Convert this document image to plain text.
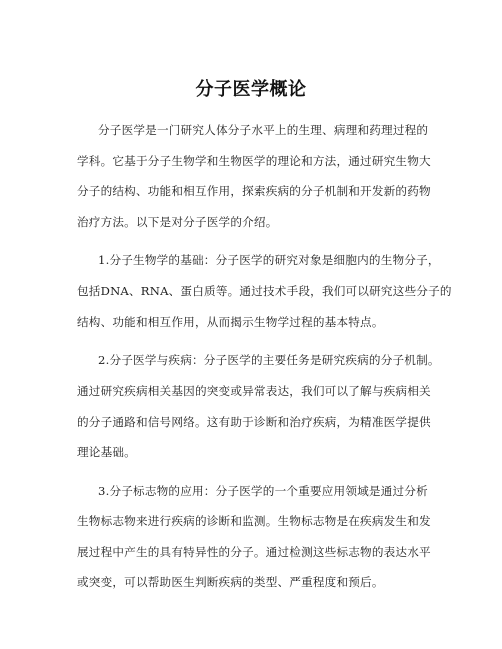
分子医学概论
分子医学是一门研究人体分子水平上的生理、病理和药理过程的
学科。它基于分子生物学和生物医学的理论和方法，通过研究生物大
分子的结构、功能和相互作用，探索疾病的分子机制和开发新的药物
治疗方法。以下是对分子医学的介绍。
1.分子生物学的基础：分子医学的研究对象是细胞内的生物分子，
包括DNA、RNA、蛋白质等。通过技术手段，我们可以研究这些分子的
结构、功能和相互作用，从而揭示生物学过程的基本特点。
2.分子医学与疾病：分子医学的主要任务是研究疾病的分子机制。
通过研究疾病相关基因的突变或异常表达，我们可以了解与疾病相关
的分子通路和信号网络。这有助于诊断和治疗疾病，为精准医学提供
理论基础。
3.分子标志物的应用：分子医学的一个重要应用领域是通过分析
生物标志物来进行疾病的诊断和监测。生物标志物是在疾病发生和发
展过程中产生的具有特异性的分子。通过检测这些标志物的表达水平
或突变，可以帮助医生判断疾病的类型、严重程度和预后。
